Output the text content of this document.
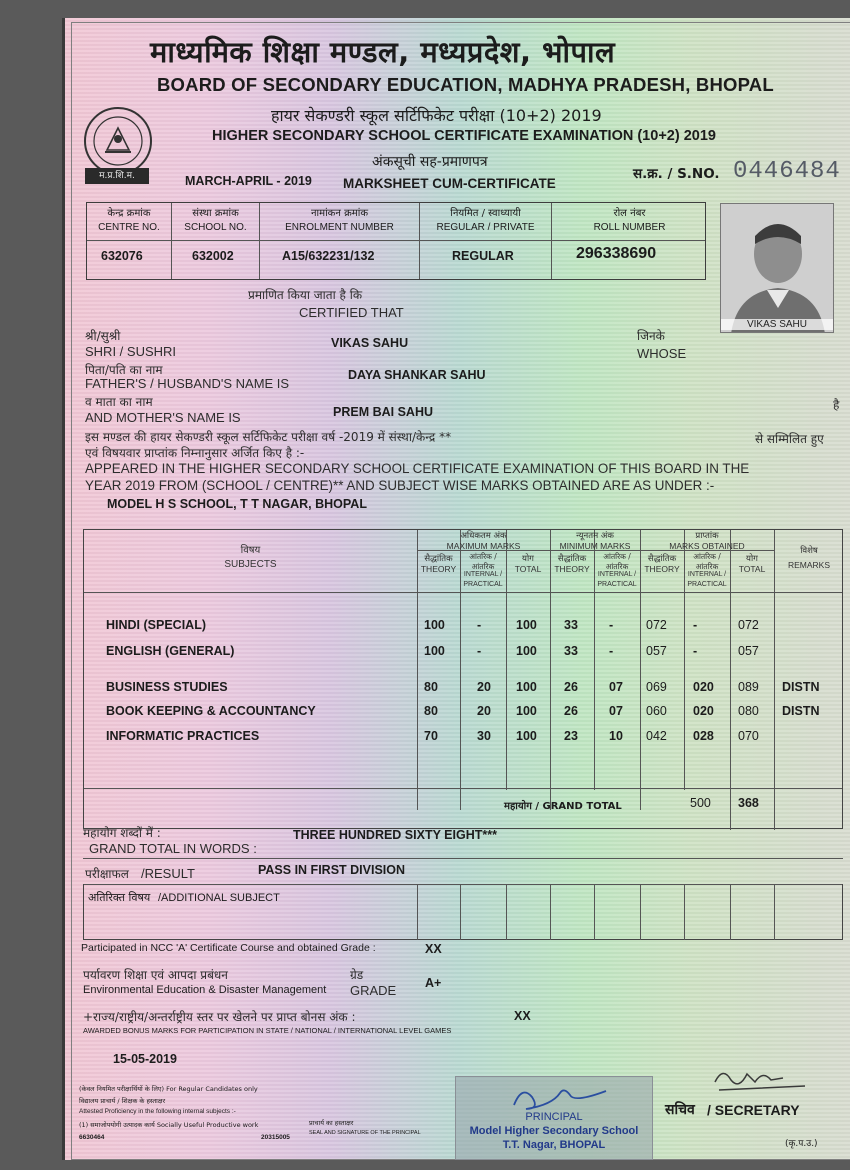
म.प्र.शि.म.
माध्यमिक शिक्षा मण्डल, मध्यप्रदेश, भोपाल
BOARD OF SECONDARY EDUCATION, MADHYA PRADESH, BHOPAL
हायर सेकण्डरी स्कूल सर्टिफिकेट परीक्षा (10+2) 2019
HIGHER SECONDARY SCHOOL CERTIFICATE EXAMINATION (10+2) 2019
अंकसूची सह-प्रमाणपत्र
MARCH-APRIL - 2019 MARKSHEET CUM-CERTIFICATE
स.क्र. / S.NO. 0446484
केन्द्र क्रमांक
CENTRE NO.
632076
संस्था क्रमांक
SCHOOL NO.
632002
नामांकन क्रमांक
ENROLMENT NUMBER
A15/632231/132
नियमित / स्वाध्यायी
REGULAR / PRIVATE
REGULAR
रोल नंबर
ROLL NUMBER
296338690
VIKAS SAHU
प्रमाणित किया जाता है कि
CERTIFIED THAT
श्री/सुश्री
SHRI / SUSHRI
VIKAS SAHU	जिनके
WHOSE
पिता/पति का नाम
FATHER'S / HUSBAND'S NAME IS
DAYA SHANKAR SAHU
व माता का नाम
AND MOTHER'S NAME IS	PREM BAI SAHU	है
इस मण्डल की हायर सेकण्डरी स्कूल सर्टिफिकेट परीक्षा वर्ष -2019 में संस्था/केन्द्र **	से सम्मिलित हुए
एवं विषयवार प्राप्तांक निम्नानुसार अर्जित किए है :-
APPEARED IN THE HIGHER SECONDARY SCHOOL CERTIFICATE EXAMINATION OF THIS BOARD IN THE
YEAR 2019 FROM (SCHOOL / CENTRE)** AND SUBJECT WISE MARKS OBTAINED ARE AS UNDER :-
MODEL H S SCHOOL, T T NAGAR, BHOPAL
विषय
SUBJECTS
अधिकतम अंक
MAXIMUM MARKS
न्यूनतम अंक
MINIMUM MARKS
प्राप्तांक
MARKS OBTAINED	विशेष
REMARKS
सैद्धांतिक
THEORY
आंतरिक / आंतरिक
INTERNAL / PRACTICAL
योग
TOTAL
सैद्धांतिक
THEORY
आंतरिक / आंतरिक
INTERNAL / PRACTICAL
सैद्धांतिक
THEORY
आंतरिक / आंतरिक
INTERNAL / PRACTICAL
योग
TOTAL
HINDI (SPECIAL)	100	-	100 33 -	072 -	072
ENGLISH (GENERAL)	100	-	100 33 -	057 -	057
BUSINESS STUDIES	80	20 100 26 07 069 020 089 DISTN
BOOK KEEPING & ACCOUNTANCY	80	20 100 26 07 060 020 080 DISTN
INFORMATIC PRACTICES	70	30 100 23 10 042 028 070
महायोग / GRAND TOTAL	500 368
महायोग शब्दों में :
GRAND TOTAL IN WORDS :
THREE HUNDRED SIXTY EIGHT***
परीक्षाफल /RESULT	PASS IN FIRST DIVISION
अतिरिक्त विषय /ADDITIONAL SUBJECT
Participated in NCC 'A' Certificate Course and obtained Grade :	XX
पर्यावरण शिक्षा एवं आपदा प्रबंधन
Environmental Education & Disaster Management
ग्रेड
GRADE A+
+राज्य/राष्ट्रीय/अन्तर्राष्ट्रीय स्तर पर खेलने पर प्राप्त बोनस अंक :
AWARDED BONUS MARKS FOR PARTICIPATION IN STATE / NATIONAL / INTERNATIONAL LEVEL GAMES
XX
15-05-2019
(केवल नियमित परीक्षार्थियों के लिए) For Regular Candidates only
विद्यालय प्राचार्य / शिक्षक के हस्ताक्षर
Attested Proficiency in the following internal subjects :-
(1) समाजोपयोगी उत्पादक कार्य Socially Useful Productive work
6630464	20315005
प्राचार्य का हस्ताक्षर
SEAL AND SIGNATURE OF THE PRINCIPAL
PRINCIPAL
Model Higher Secondary School
T.T. Nagar, BHOPAL
सचिव / SECRETARY
(कृ.प.उ.)
